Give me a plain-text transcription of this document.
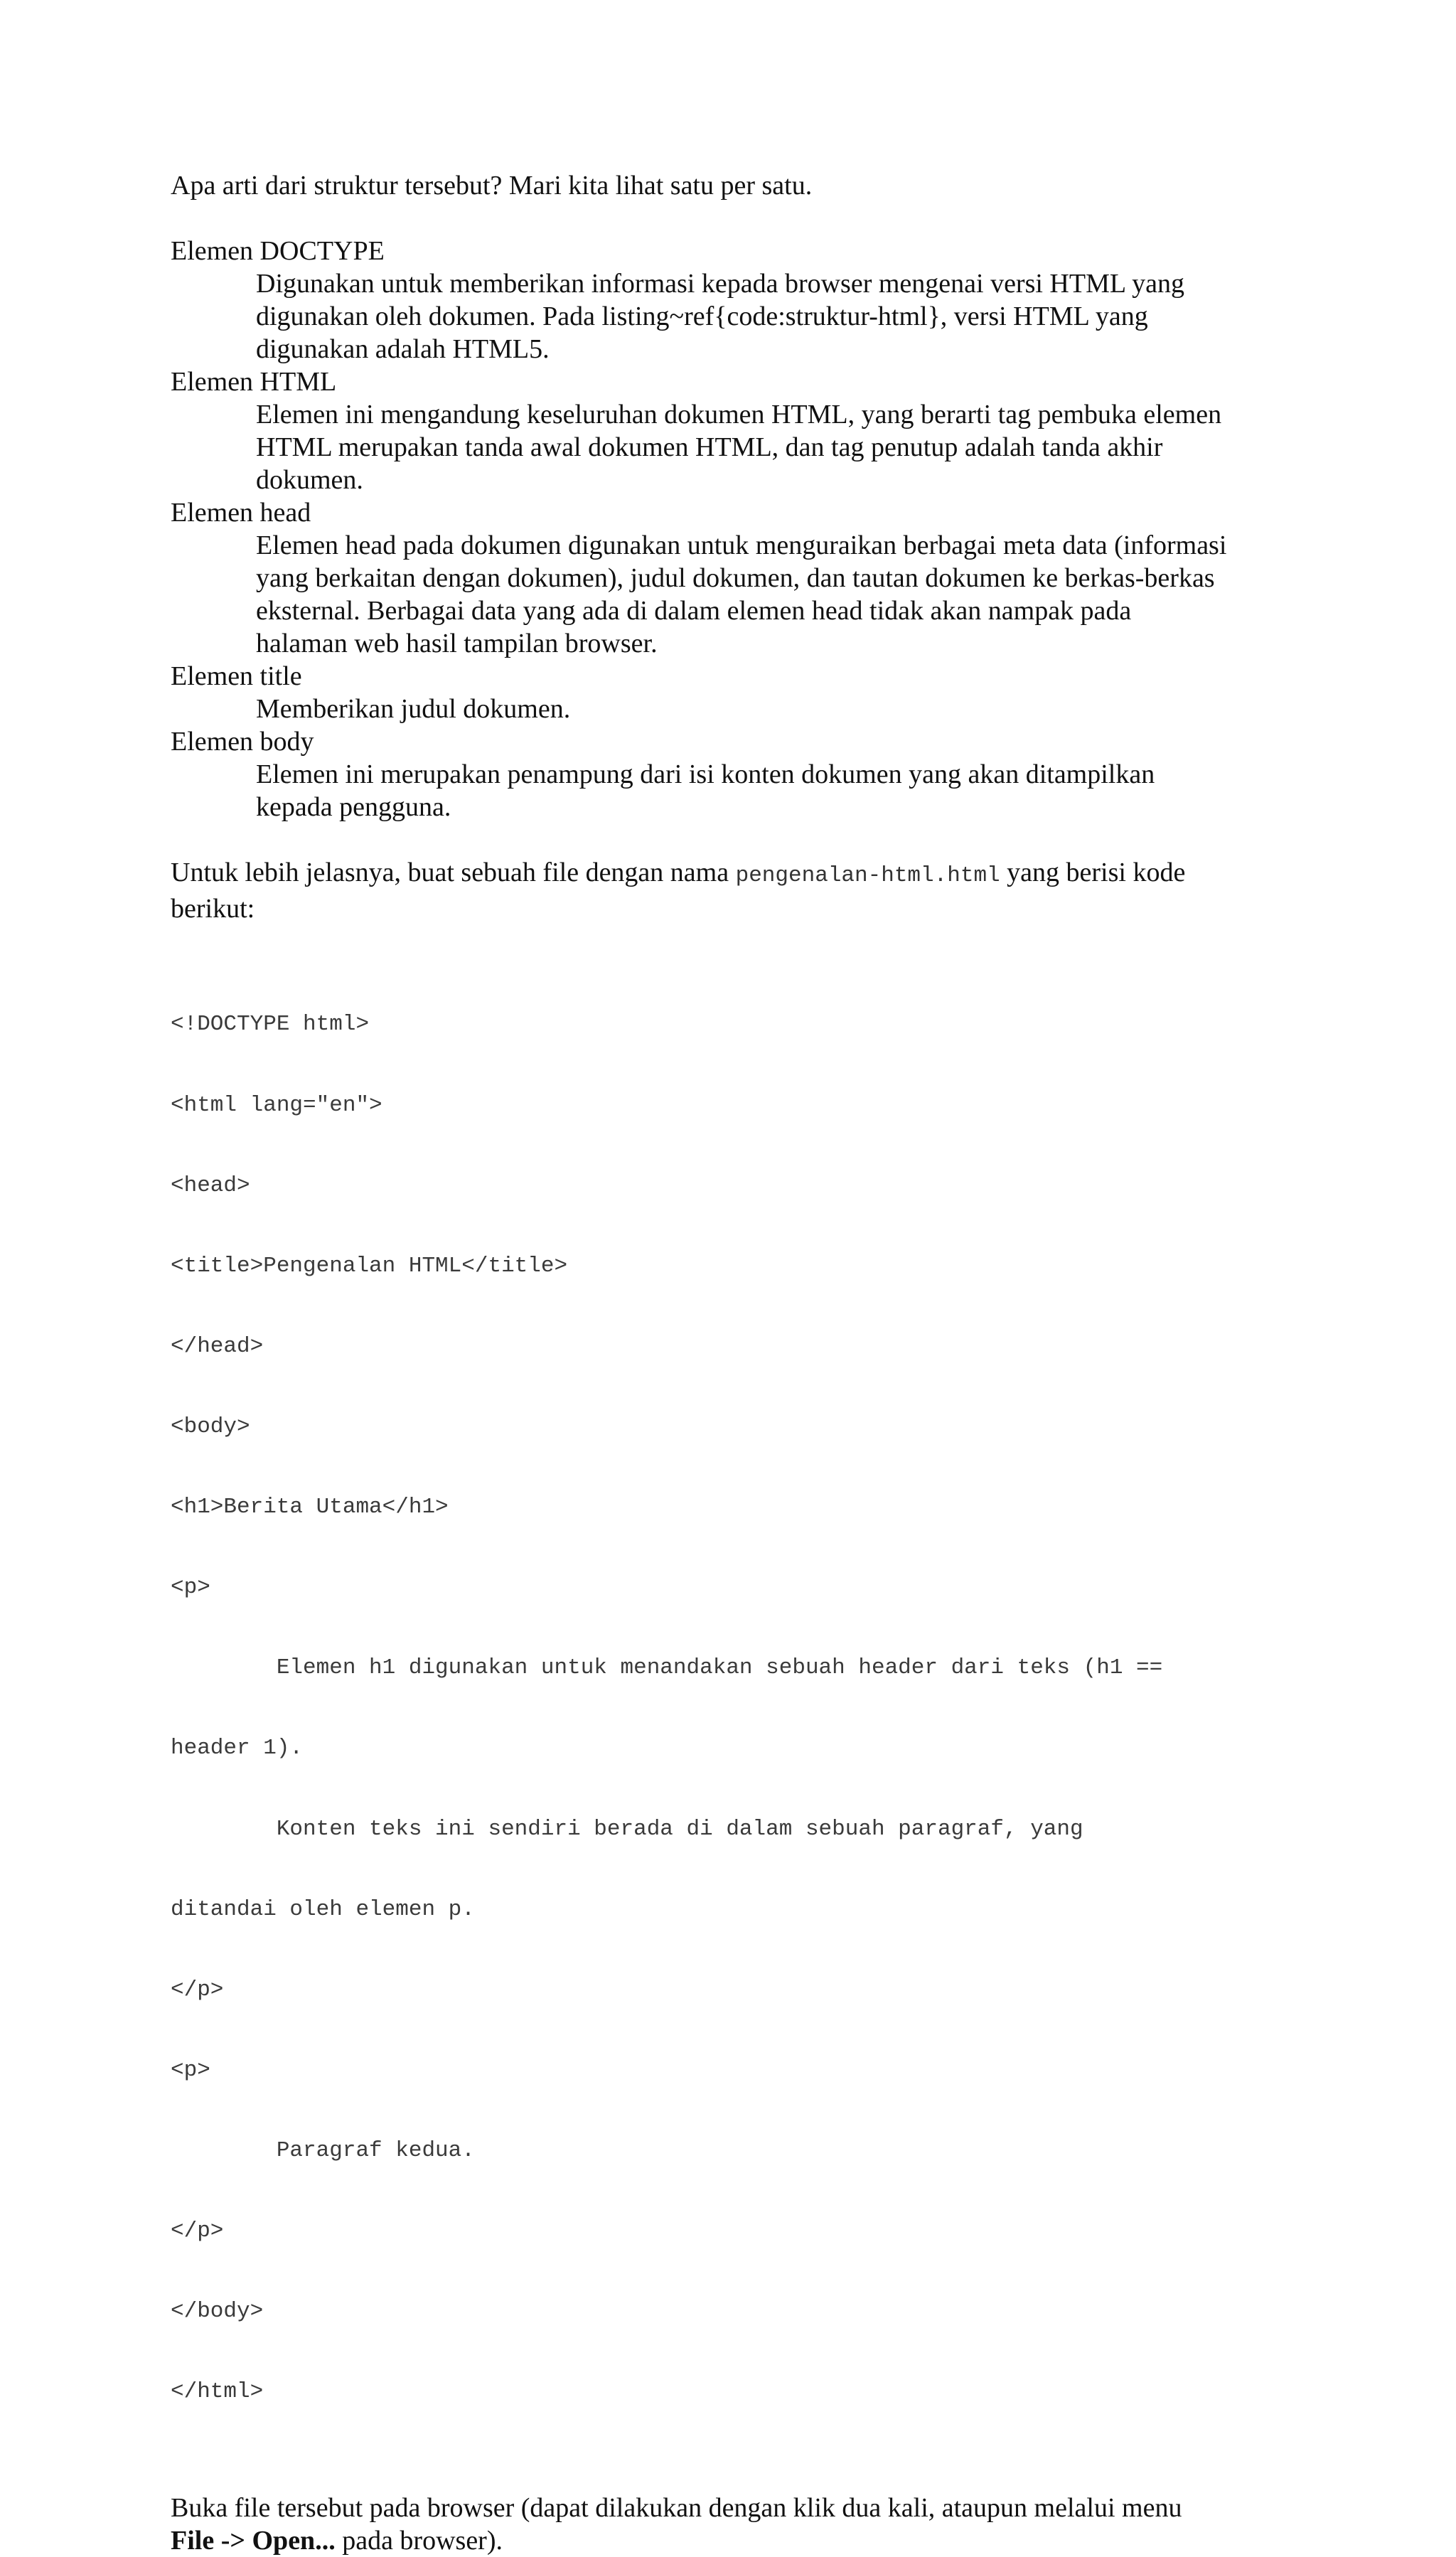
Apa arti dari struktur tersebut? Mari kita lihat satu per satu.
Elemen DOCTYPE
Digunakan untuk memberikan informasi kepada browser mengenai versi HTML yang
digunakan oleh dokumen. Pada listing~ref{code:struktur-html}, versi HTML yang
digunakan adalah HTML5.
Elemen HTML
Elemen ini mengandung keseluruhan dokumen HTML, yang berarti tag pembuka elemen
HTML merupakan tanda awal dokumen HTML, dan tag penutup adalah tanda akhir
dokumen.
Elemen head
Elemen head pada dokumen digunakan untuk menguraikan berbagai meta data (informasi
yang berkaitan dengan dokumen), judul dokumen, dan tautan dokumen ke berkas-berkas
eksternal. Berbagai data yang ada di dalam elemen head tidak akan nampak pada
halaman web hasil tampilan browser.
Elemen title
Memberikan judul dokumen.
Elemen body
Elemen ini merupakan penampung dari isi konten dokumen yang akan ditampilkan
kepada pengguna.
Untuk lebih jelasnya, buat sebuah file dengan nama pengenalan-html.html yang berisi kode
berikut:

<!DOCTYPE html>

<html lang="en">

<head>

<title>Pengenalan HTML</title>

</head>

<body>

<h1>Berita Utama</h1>

<p>

Elemen h1 digunakan untuk menandakan sebuah header dari teks (h1 ==

header 1).

Konten teks ini sendiri berada di dalam sebuah paragraf, yang

ditandai oleh elemen p.

</p>

<p>

Paragraf kedua.

</p>

</body>

</html>

Buka file tersebut pada browser (dapat dilakukan dengan klik dua kali, ataupun melalui menu
File -> Open... pada browser).
